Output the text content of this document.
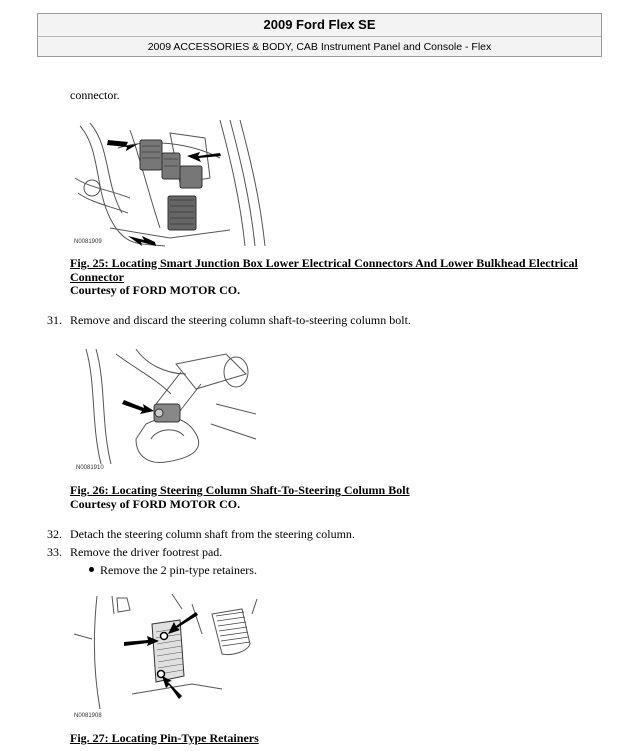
2009 Ford Flex SE
2009 ACCESSORIES & BODY, CAB Instrument Panel and Console - Flex
connector.
N0081909
Fig. 25: Locating Smart Junction Box Lower Electrical Connectors And Lower Bulkhead Electrical
Connector
Courtesy of FORD MOTOR CO.
31. Remove and discard the steering column shaft-to-steering column bolt.
N0081910
Fig. 26: Locating Steering Column Shaft-To-Steering Column Bolt
Courtesy of FORD MOTOR CO.
32. Detach the steering column shaft from the steering column.
33. Remove the driver footrest pad.
Remove the 2 pin-type retainers.
N0081908
Fig. 27: Locating Pin-Type Retainers
